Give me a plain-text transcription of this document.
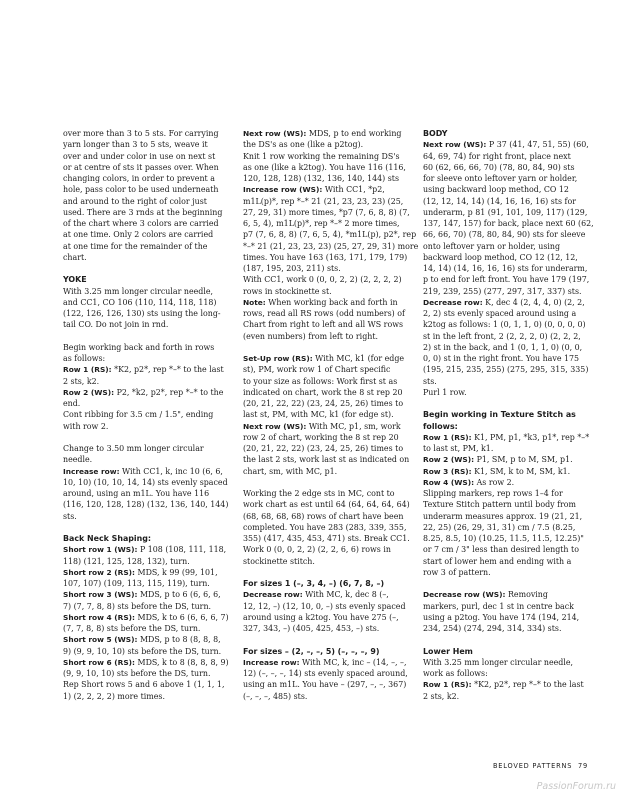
over more than 3 to 5 sts. For carrying
yarn longer than 3 to 5 sts, weave it
over and under color in use on next st
or at centre of sts it passes over. When
changing colors, in order to prevent a
hole, pass color to be used underneath
and around to the right of color just
used. There are 3 rnds at the beginning
of the chart where 3 colors are carried
at one time. Only 2 colors are carried
at one time for the remainder of the
chart.
YOKE
With 3.25 mm longer circular needle,
and CC1, CO 106 (110, 114, 118, 118)
(122, 126, 126, 130) sts using the long-
tail CO. Do not join in rnd.
Begin working back and forth in rows
as follows:
Row 1 (RS): *K2, p2*, rep *–* to the last
2 sts, k2.
Row 2 (WS): P2, *k2, p2*, rep *–* to the
end.
Cont ribbing for 3.5 cm / 1.5", ending
with row 2.
Change to 3.50 mm longer circular
needle.
Increase row: With CC1, k, inc 10 (6, 6,
10, 10) (10, 10, 14, 14) sts evenly spaced
around, using an m1L. You have 116
(116, 120, 128, 128) (132, 136, 140, 144)
sts.
Back Neck Shaping:
Short row 1 (WS): P 108 (108, 111, 118,
118) (121, 125, 128, 132), turn.
Short row 2 (RS): MDS, k 99 (99, 101,
107, 107) (109, 113, 115, 119), turn.
Short row 3 (WS): MDS, p to 6 (6, 6, 6,
7) (7, 7, 8, 8) sts before the DS, turn.
Short row 4 (RS): MDS, k to 6 (6, 6, 6, 7)
(7, 7, 8, 8) sts before the DS, turn.
Short row 5 (WS): MDS, p to 8 (8, 8, 8,
9) (9, 9, 10, 10) sts before the DS, turn.
Short row 6 (RS): MDS, k to 8 (8, 8, 8, 9)
(9, 9, 10, 10) sts before the DS, turn.
Rep Short rows 5 and 6 above 1 (1, 1, 1,
1) (2, 2, 2, 2) more times.
Next row (WS): MDS, p to end working
the DS's as one (like a p2tog).
Knit 1 row working the remaining DS's
as one (like a k2tog). You have 116 (116,
120, 128, 128) (132, 136, 140, 144) sts
Increase row (WS): With CC1, *p2,
m1L(p)*, rep *–* 21 (21, 23, 23, 23) (25,
27, 29, 31) more times, *p7 (7, 6, 8, 8) (7,
6, 5, 4), m1L(p)*, rep *–* 2 more times,
p7 (7, 6, 8, 8) (7, 6, 5, 4), *m1L(p), p2*, rep
*–* 21 (21, 23, 23, 23) (25, 27, 29, 31) more
times. You have 163 (163, 171, 179, 179)
(187, 195, 203, 211) sts.
With CC1, work 0 (0, 0, 2, 2) (2, 2, 2, 2)
rows in stockinette st.
Note: When working back and forth in
rows, read all RS rows (odd numbers) of
Chart from right to left and all WS rows
(even numbers) from left to right.
Set-Up row (RS): With MC, k1 (for edge
st), PM, work row 1 of Chart specific
to your size as follows: Work first st as
indicated on chart, work the 8 st rep 20
(20, 21, 22, 22) (23, 24, 25, 26) times to
last st, PM, with MC, k1 (for edge st).
Next row (WS): With MC, p1, sm, work
row 2 of chart, working the 8 st rep 20
(20, 21, 22, 22) (23, 24, 25, 26) times to
the last 2 sts, work last st as indicated on
chart, sm, with MC, p1.
Working the 2 edge sts in MC, cont to
work chart as est until 64 (64, 64, 64, 64)
(68, 68, 68, 68) rows of chart have been
completed. You have 283 (283, 339, 355,
355) (417, 435, 453, 471) sts. Break CC1.
Work 0 (0, 0, 2, 2) (2, 2, 6, 6) rows in
stockinette stitch.
For sizes 1 (–, 3, 4, –) (6, 7, 8, –)
Decrease row: With MC, k, dec 8 (–,
12, 12, –) (12, 10, 0, –) sts evenly spaced
around using a k2tog. You have 275 (–,
327, 343, –) (405, 425, 453, –) sts.
For sizes – (2, –, –, 5) (–, –, –, 9)
Increase row: With MC, k, inc – (14, –, –,
12) (–, –, –, 14) sts evenly spaced around,
using an m1L. You have – (297, –, –, 367)
(–, –, –, 485) sts.
BODY
Next row (WS): P 37 (41, 47, 51, 55) (60,
64, 69, 74) for right front, place next
60 (62, 66, 66, 70) (78, 80, 84, 90) sts
for sleeve onto leftover yarn or holder,
using backward loop method, CO 12
(12, 12, 14, 14) (14, 16, 16, 16) sts for
underarm, p 81 (91, 101, 109, 117) (129,
137, 147, 157) for back, place next 60 (62,
66, 66, 70) (78, 80, 84, 90) sts for sleeve
onto leftover yarn or holder, using
backward loop method, CO 12 (12, 12,
14, 14) (14, 16, 16, 16) sts for underarm,
p to end for left front. You have 179 (197,
219, 239, 255) (277, 297, 317, 337) sts.
Decrease row: K, dec 4 (2, 4, 4, 0) (2, 2,
2, 2) sts evenly spaced around using a
k2tog as follows: 1 (0, 1, 1, 0) (0, 0, 0, 0)
st in the left front, 2 (2, 2, 2, 0) (2, 2, 2,
2) st in the back, and 1 (0, 1, 1, 0) (0, 0,
0, 0) st in the right front. You have 175
(195, 215, 235, 255) (275, 295, 315, 335)
sts.
Purl 1 row.
Begin working in Texture Stitch as
follows:
Row 1 (RS): K1, PM, p1, *k3, p1*, rep *–*
to last st, PM, k1.
Row 2 (WS): P1, SM, p to M, SM, p1.
Row 3 (RS): K1, SM, k to M, SM, k1.
Row 4 (WS): As row 2.
Slipping markers, rep rows 1–4 for
Texture Stitch pattern until body from
underarm measures approx. 19 (21, 21,
22, 25) (26, 29, 31, 31) cm / 7.5 (8.25,
8.25, 8.5, 10) (10.25, 11.5, 11.5, 12.25)"
or 7 cm / 3" less than desired length to
start of lower hem and ending with a
row 3 of pattern.
Decrease row (WS): Removing
markers, purl, dec 1 st in centre back
using a p2tog. You have 174 (194, 214,
234, 254) (274, 294, 314, 334) sts.
Lower Hem
With 3.25 mm longer circular needle,
work as follows:
Row 1 (RS): *K2, p2*, rep *–* to the last
2 sts, k2.
BELOVED PATTERNS 79
PassionForum.ru
